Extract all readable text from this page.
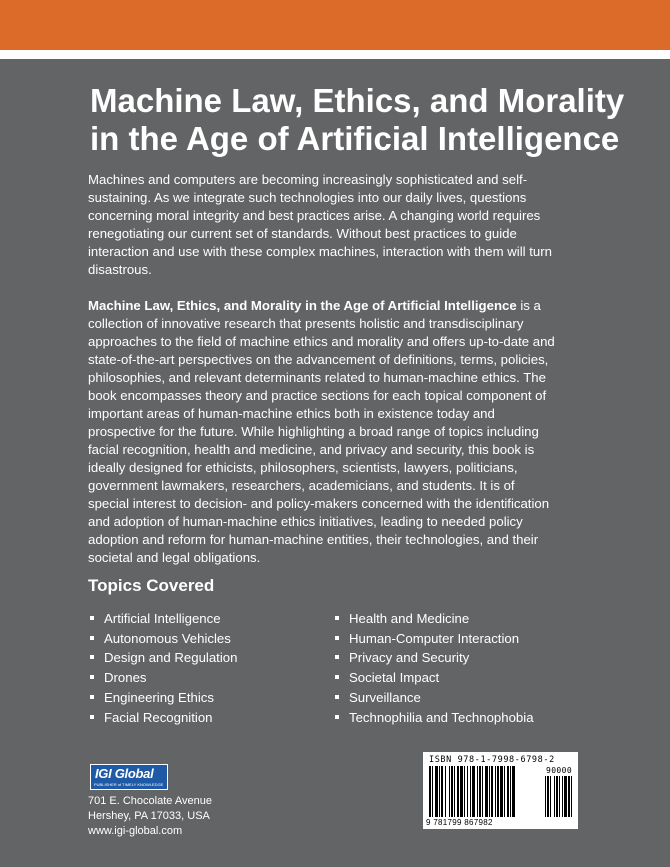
Machine Law, Ethics, and Morality
in the Age of Artificial Intelligence

Machines and computers are becoming increasingly sophisticated and self-sustaining. As we integrate such technologies into our daily lives, questions concerning moral integrity and best practices arise. A changing world requires renegotiating our current set of standards. Without best practices to guide interaction and use with these complex machines, interaction with them will turn disastrous.

Machine Law, Ethics, and Morality in the Age of Artificial Intelligence is a collection of innovative research that presents holistic and transdisciplinary approaches to the field of machine ethics and morality and offers up-to-date and state-of-the-art perspectives on the advancement of definitions, terms, policies, philosophies, and relevant determinants related to human-machine ethics. The book encompasses theory and practice sections for each topical component of important areas of human-machine ethics both in existence today and prospective for the future. While highlighting a broad range of topics including facial recognition, health and medicine, and privacy and security, this book is ideally designed for ethicists, philosophers, scientists, lawyers, politicians, government lawmakers, researchers, academicians, and students. It is of special interest to decision- and policy-makers concerned with the identification and adoption of human-machine ethics initiatives, leading to needed policy adoption and reform for human-machine entities, their technologies, and their societal and legal obligations.

Topics Covered
Artificial Intelligence
Autonomous Vehicles
Design and Regulation
Drones
Engineering Ethics
Facial Recognition
Health and Medicine
Human-Computer Interaction
Privacy and Security
Societal Impact
Surveillance
Technophilia and Technophobia
IGI Global
PUBLISHER of TIMELY KNOWLEDGE
701 E. Chocolate Avenue
Hershey, PA 17033, USA
www.igi-global.com
ISBN 978-1-7998-6798-2
90000
9 781799 867982
